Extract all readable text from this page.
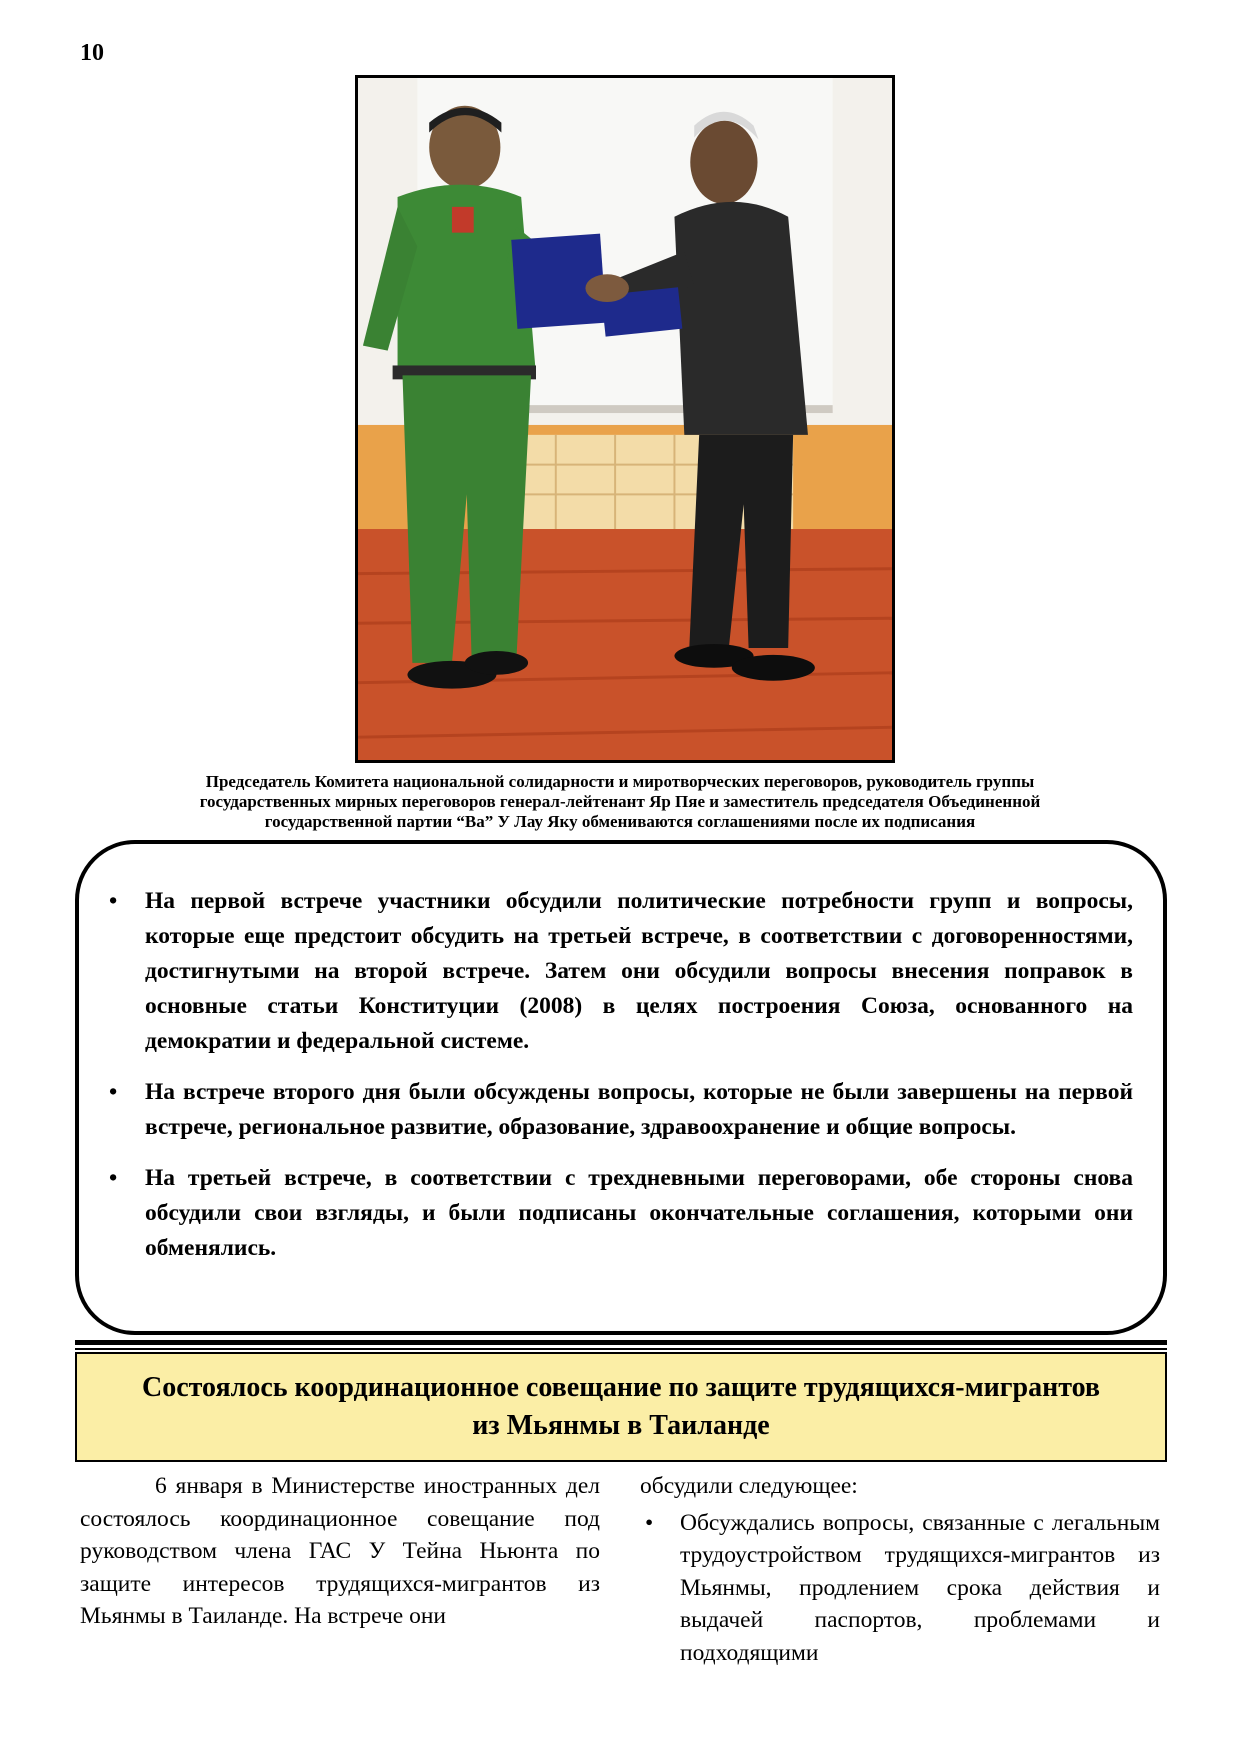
10

Председатель Комитета национальной солидарности и миротворческих переговоров, руководитель группы

государственных мирных переговоров генерал-лейтенант Яр Пяе и заместитель председателя Объединенной

государственной партии “Ва” У Лау Яку обмениваются соглашениями после их подписания

•	На первой встрече участники обсудили политические потребности групп и вопросы, которые еще предстоит обсудить на третьей встрече, в соответствии с договоренностями, достигнутыми на второй встрече. Затем они обсудили вопросы внесения поправок в основные статьи Конституции (2008) в целях построения Союза, основанного на демократии и федеральной системе.
•	На встрече второго дня были обсуждены вопросы, которые не были завершены на первой встрече, региональное развитие, образование, здравоохранение и общие вопросы.
•	На третьей встрече, в соответствии с трехдневными переговорами, обе стороны снова обсудили свои взгляды, и были подписаны окончательные соглашения, которыми они обменялись.
Состоялось координационное совещание по защите трудящихся-мигрантов
из Мьянмы в Таиланде
6 января в Министерстве иностранных дел состоялось координационное совещание под руководством члена ГАС У Тейна Ньюнта по защите интересов трудящихся-мигрантов из Мьянмы в Таиланде. На встрече они

обсудили следующее:

• Обсуждались вопросы, связанные с легальным трудоустройством трудящихся-мигрантов из Мьянмы, продлением срока действия и выдачей паспортов, проблемами и подходящими
